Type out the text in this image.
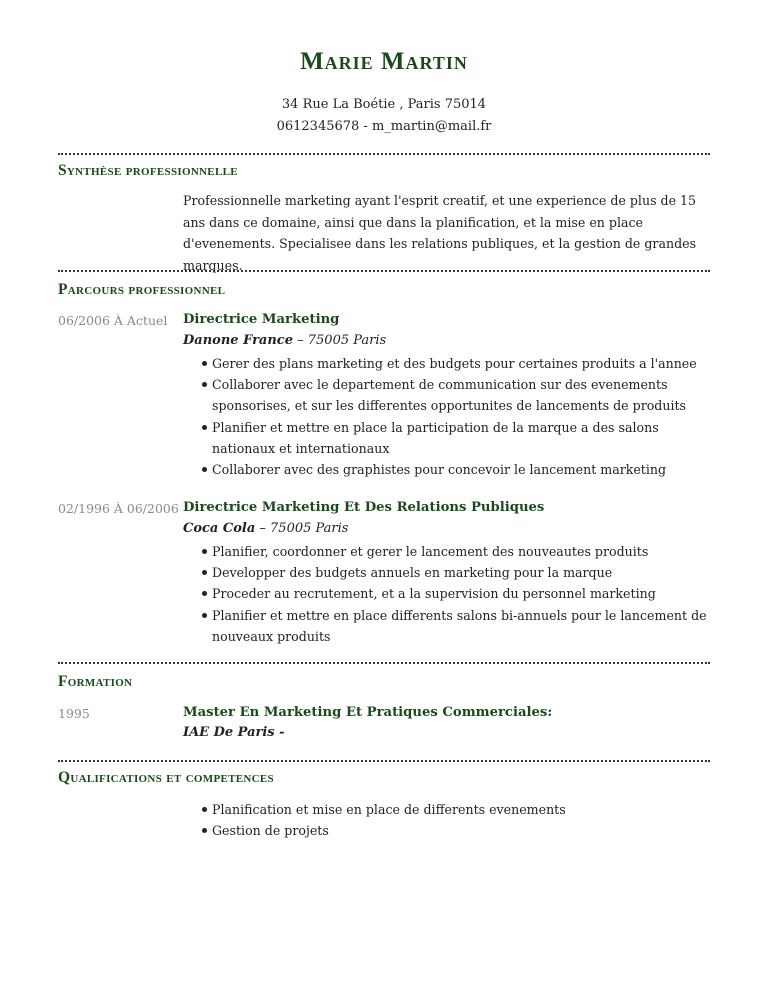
Marie Martin
34 Rue La Boétie , Paris 75014
0612345678 - m_martin@mail.fr
Synthèse professionnelle
Professionnelle marketing ayant l'esprit creatif, et une experience de plus de 15 ans dans ce domaine, ainsi que dans la planification, et la mise en place d'evenements. Specialisee dans les relations publiques, et la gestion de grandes marques.
Parcours professionnel
06/2006 À Actuel Directrice Marketing
Danone France – 75005 Paris
Gerer des plans marketing et des budgets pour certaines produits a l'annee
Collaborer avec le departement de communication sur des evenements sponsorises, et sur les differentes opportunites de lancements de produits
Planifier et mettre en place la participation de la marque a des salons nationaux et internationaux
Collaborer avec des graphistes pour concevoir le lancement marketing
02/1996 À 06/2006 Directrice Marketing Et Des Relations Publiques
Coca Cola – 75005 Paris
Planifier, coordonner et gerer le lancement des nouveautes produits
Developper des budgets annuels en marketing pour la marque
Proceder au recrutement, et a la supervision du personnel marketing
Planifier et mettre en place differents salons bi-annuels pour le lancement de nouveaux produits
Formation
1995	Master En Marketing Et Pratiques Commerciales:
IAE De Paris -
Qualifications et competences
Planification et mise en place de differents evenements
Gestion de projets
